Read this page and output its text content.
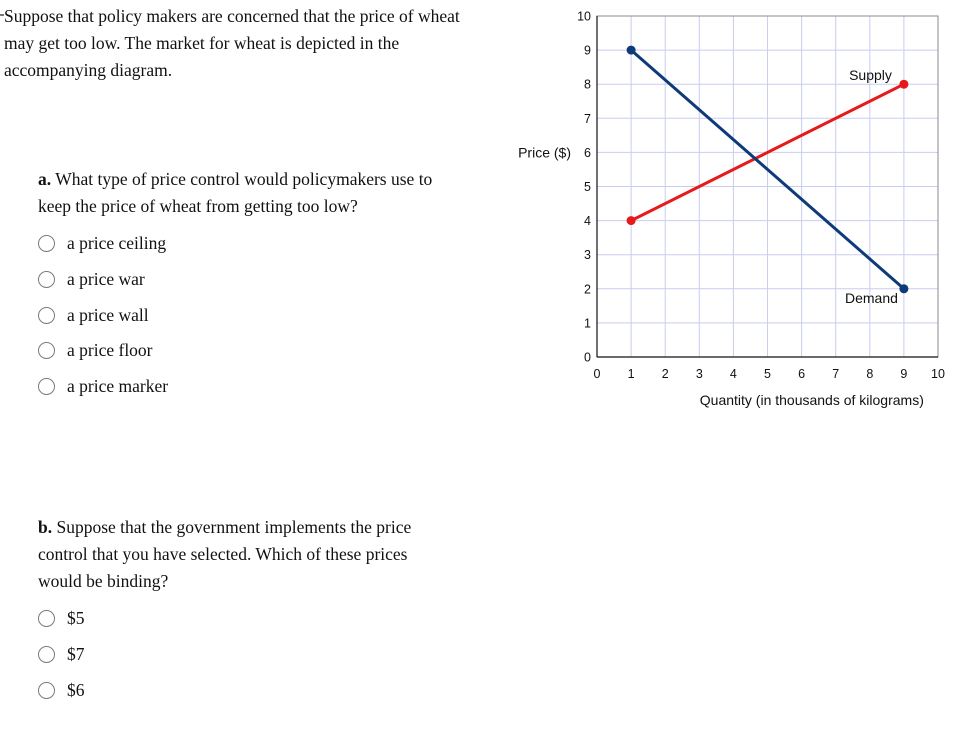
Suppose that policy makers are concerned that the price of wheat may get too low. The market for wheat is depicted in the accompanying diagram.

a. What type of price control would policymakers use to keep the price of wheat from getting too low?

a price ceiling
a price war
a price wall
a price floor
a price marker

b. Suppose that the government implements the price control that you have selected. Which of these prices would be binding?

$5
$7
$6
0 1 2 3 4 5 6 7 8 9 10
0
1
2
3
4
5
6
7
8
9
10
Price ($)
Quantity (in thousands of kilograms)
Supply
Demand
